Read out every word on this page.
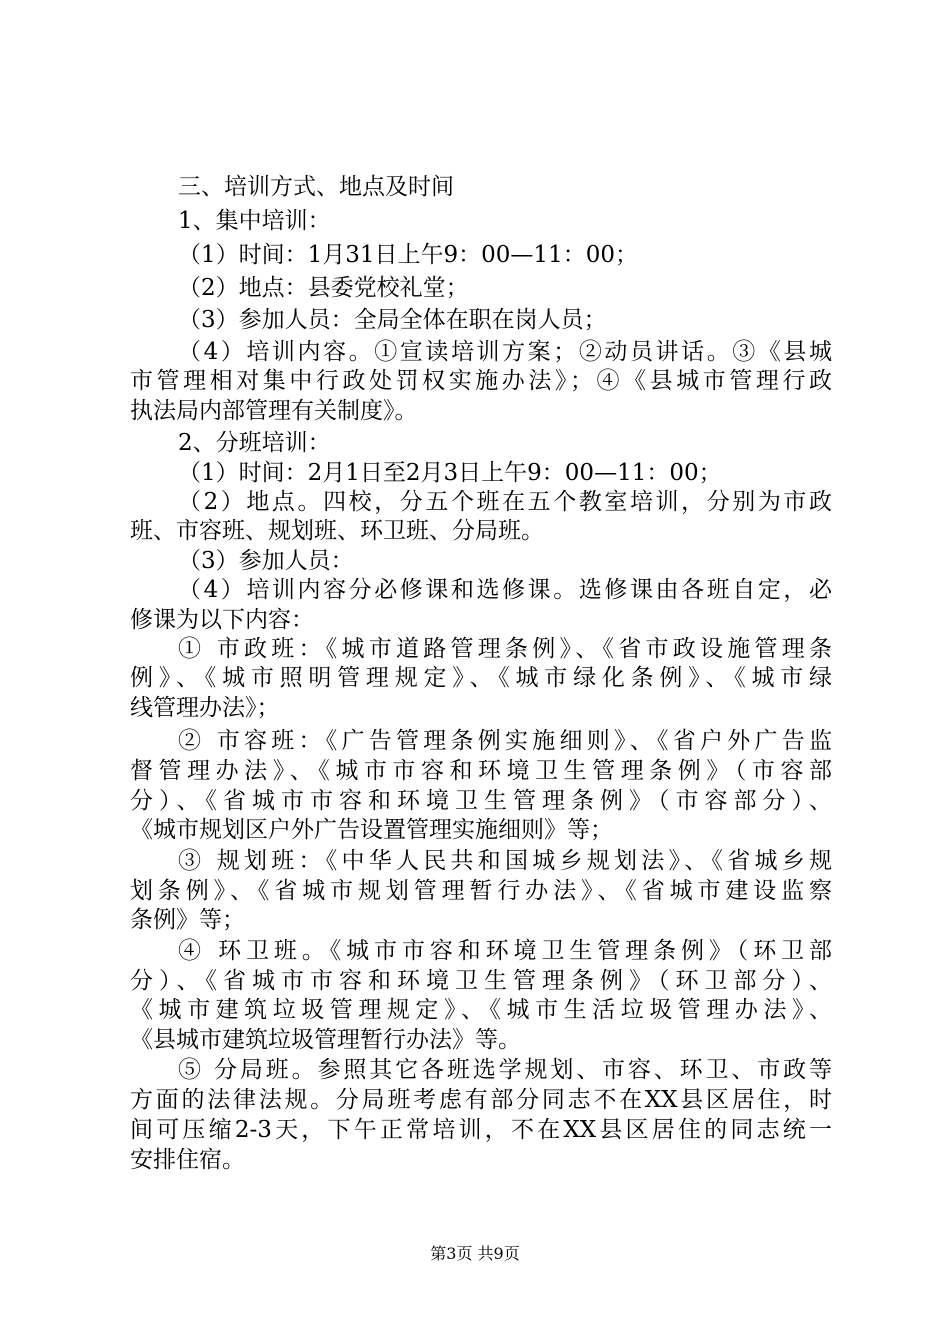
三、培训方式、地点及时间
1、集中培训：
（1）时间：1月31日上午9：00—11：00；
（2）地点：县委党校礼堂；
（3）参加人员：全局全体在职在岗人员；
（4）培训内容。①宣读培训方案；②动员讲话。③《县城
市管理相对集中行政处罚权实施办法》；④《县城市管理行政
执法局内部管理有关制度》。
2、分班培训：
（1）时间：2月1日至2月3日上午9：00—11：00；
（2）地点。四校，分五个班在五个教室培训，分别为市政
班、市容班、规划班、环卫班、分局班。
（3）参加人员：
（4）培训内容分必修课和选修课。选修课由各班自定，必
修课为以下内容：
① 市政班：《城市道路管理条例》、《省市政设施管理条
例》、《城市照明管理规定》、《城市绿化条例》、《城市绿
线管理办法》；
② 市容班：《广告管理条例实施细则》、《省户外广告监
督管理办法》、《城市市容和环境卫生管理条例》（市容部
分）、《省城市市容和环境卫生管理条例》（市容部分）、
《城市规划区户外广告设置管理实施细则》等；
③ 规划班：《中华人民共和国城乡规划法》、《省城乡规
划条例》、《省城市规划管理暂行办法》、《省城市建设监察
条例》等；
④ 环卫班。《城市市容和环境卫生管理条例》（环卫部
分）、《省城市市容和环境卫生管理条例》（环卫部分）、
《城市建筑垃圾管理规定》、《城市生活垃圾管理办法》、
《县城市建筑垃圾管理暂行办法》等。
⑤ 分局班。参照其它各班选学规划、市容、环卫、市政等
方面的法律法规。分局班考虑有部分同志不在XX县区居住，时
间可压缩2-3天，下午正常培训，不在XX县区居住的同志统一
安排住宿。
第3页 共9页
